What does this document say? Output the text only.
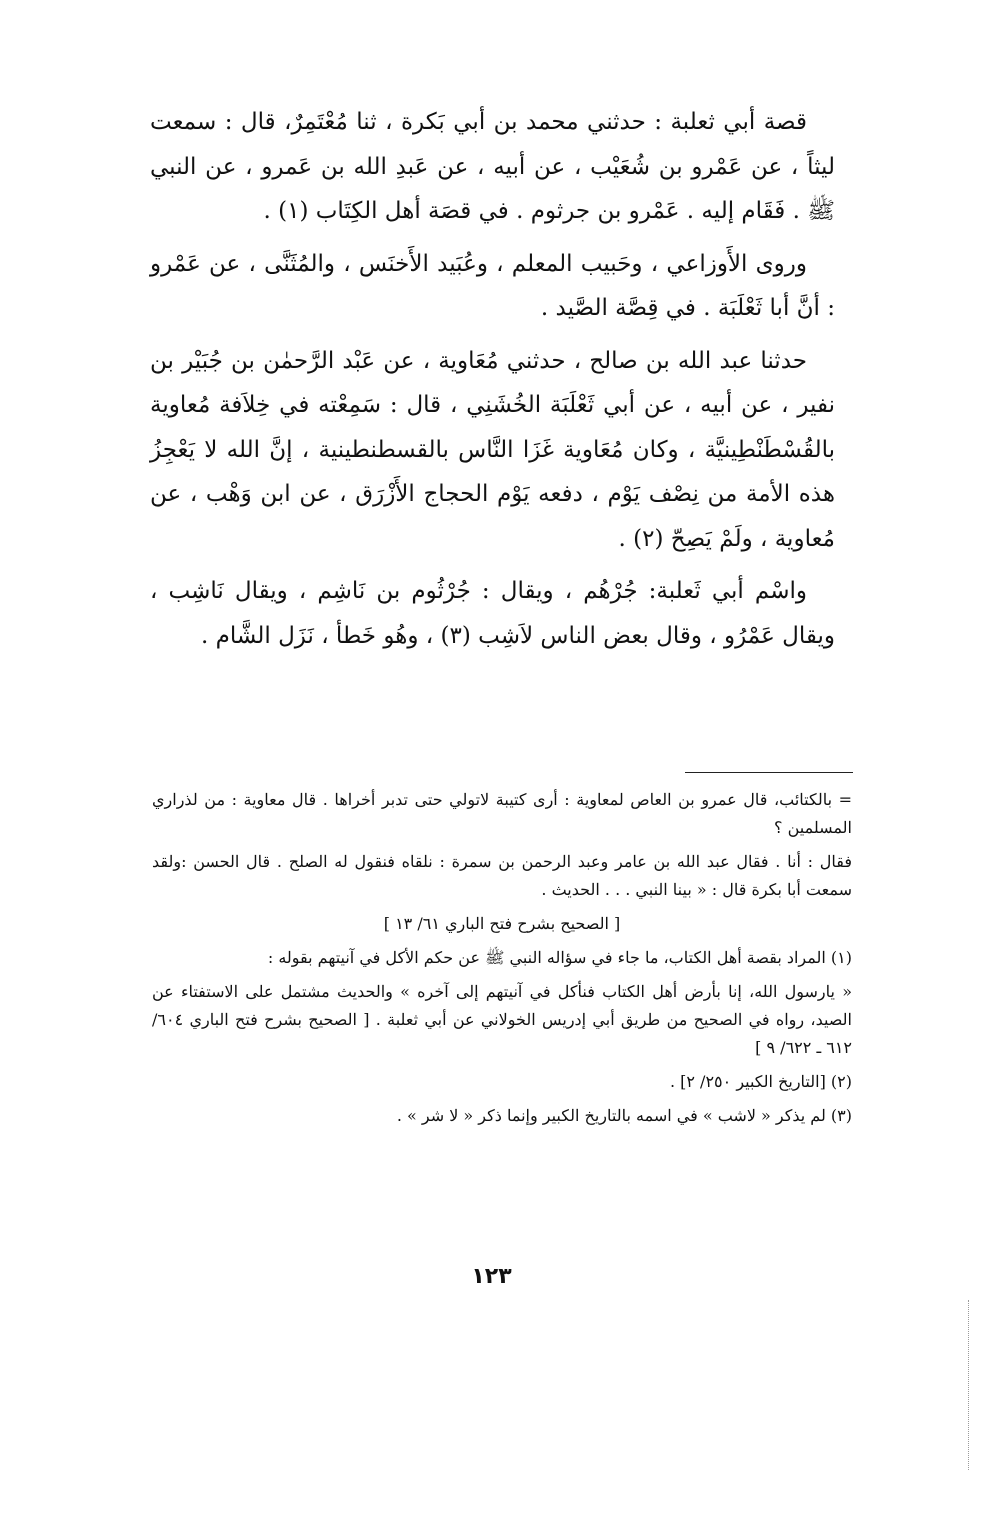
قصة أبي ثعلبة : حدثني محمد بن أبي بَكرة ، ثنا مُعْتَمِرٌ، قال : سمعت ليثاً ، عن عَمْرو بن شُعَيْب ، عن أبيه ، عن عَبدِ الله بن عَمرو ، عن النبي ﷺ . فَقَام إليه . عَمْرو بن جرثوم . في قصَة أهل الكِتَاب (١) .

وروى الأَوزاعي ، وحَبيب المعلم ، وعُبَيد الأَخنَس ، والمُثَنَّى ، عن عَمْرو : أنَّ أبا ثَعْلَبَة . في قِصَّة الصَّيد .

حدثنا عبد الله بن صالح ، حدثني مُعَاوية ، عن عَبْد الرَّحمٰن بن جُبَيْر بن نفير ، عن أبيه ، عن أبي ثَعْلَبَة الخُشَنِي ، قال : سَمِعْته في خِلاَفة مُعاوية بالقُسْطَنْطِينيَّة ، وكان مُعَاوية غَزَا النَّاس بالقسطنطينية ، إنَّ الله لا يَعْجِزُ هذه الأمة من نِصْف يَوْم ، دفعه يَوْم الحجاج الأَزْرَق ، عن ابن وَهْب ، عن مُعاوية ، ولَمْ يَصِحّ (٢) .

واسْم أبي ثَعلبة: جُرْهُم ، ويقال : جُرْثُوم بن نَاشِم ، ويقال نَاشِب ، ويقال عَمْرُو ، وقال بعض الناس لاَشِب (٣) ، وهُو خَطأ ، نَزَل الشَّام .

= بالكتائب، قال عمرو بن العاص لمعاوية : أرى كتيبة لاتولي حتى تدبر أخراها . قال معاوية : من لذراري المسلمين ؟

فقال : أنا . فقال عبد الله بن عامر وعبد الرحمن بن سمرة : نلقاه فنقول له الصلح . قال الحسن :ولقد سمعت أبا بكرة قال : « بينا النبي . . . الحديث .

[ الصحيح بشرح فتح الباري ٦١/ ١٣ ]

(١) المراد بقصة أهل الكتاب، ما جاء في سؤاله النبي ﷺ عن حكم الأكل في آنيتهم بقوله :

« يارسول الله، إنا بأرض أهل الكتاب فنأكل في آنيتهم إلى آخره » والحديث مشتمل على الاستفتاء عن الصيد، رواه في الصحيح من طريق أبي إدريس الخولاني عن أبي ثعلبة . [ الصحيح بشرح فتح الباري ٦٠٤/ ٦١٢ ـ ٦٢٢/ ٩ ]

(٢) [التاريخ الكبير ٢٥٠/ ٢] .

(٣) لم يذكر « لاشب » في اسمه بالتاريخ الكبير وإنما ذكر « لا شر » .

١٢٣
